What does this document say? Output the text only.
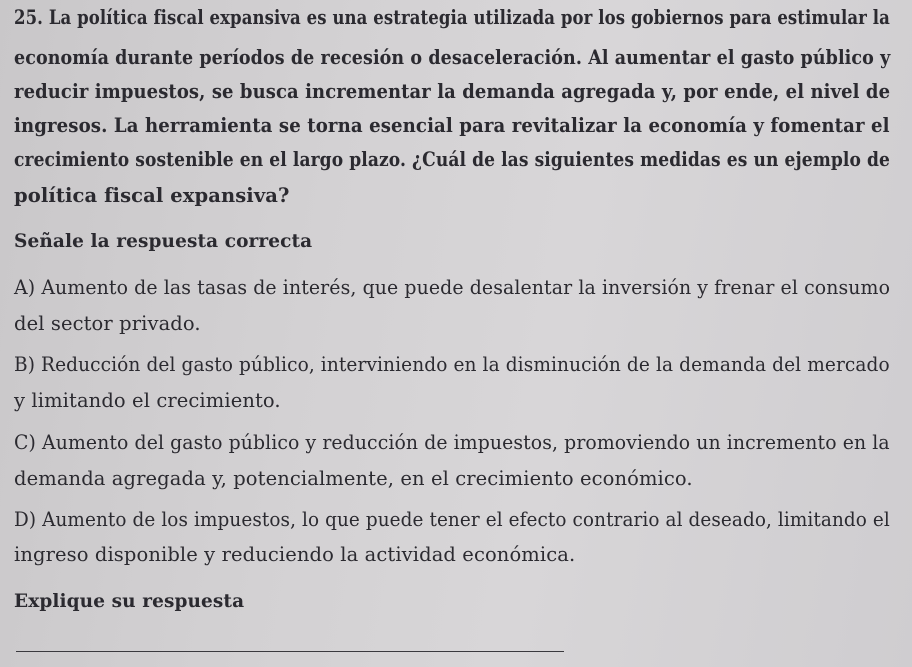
25. La política fiscal expansiva es una estrategia utilizada por los gobiernos para estimular la
economía durante períodos de recesión o desaceleración. Al aumentar el gasto público y
reducir impuestos, se busca incrementar la demanda agregada y, por ende, el nivel de
ingresos. La herramienta se torna esencial para revitalizar la economía y fomentar el
crecimiento sostenible en el largo plazo. ¿Cuál de las siguientes medidas es un ejemplo de
política fiscal expansiva?
Señale la respuesta correcta
A) Aumento de las tasas de interés, que puede desalentar la inversión y frenar el consumo
del sector privado.
B) Reducción del gasto público, interviniendo en la disminución de la demanda del mercado
y limitando el crecimiento.
C) Aumento del gasto público y reducción de impuestos, promoviendo un incremento en la
demanda agregada y, potencialmente, en el crecimiento económico.
D) Aumento de los impuestos, lo que puede tener el efecto contrario al deseado, limitando el
ingreso disponible y reduciendo la actividad económica.
Explique su respuesta
